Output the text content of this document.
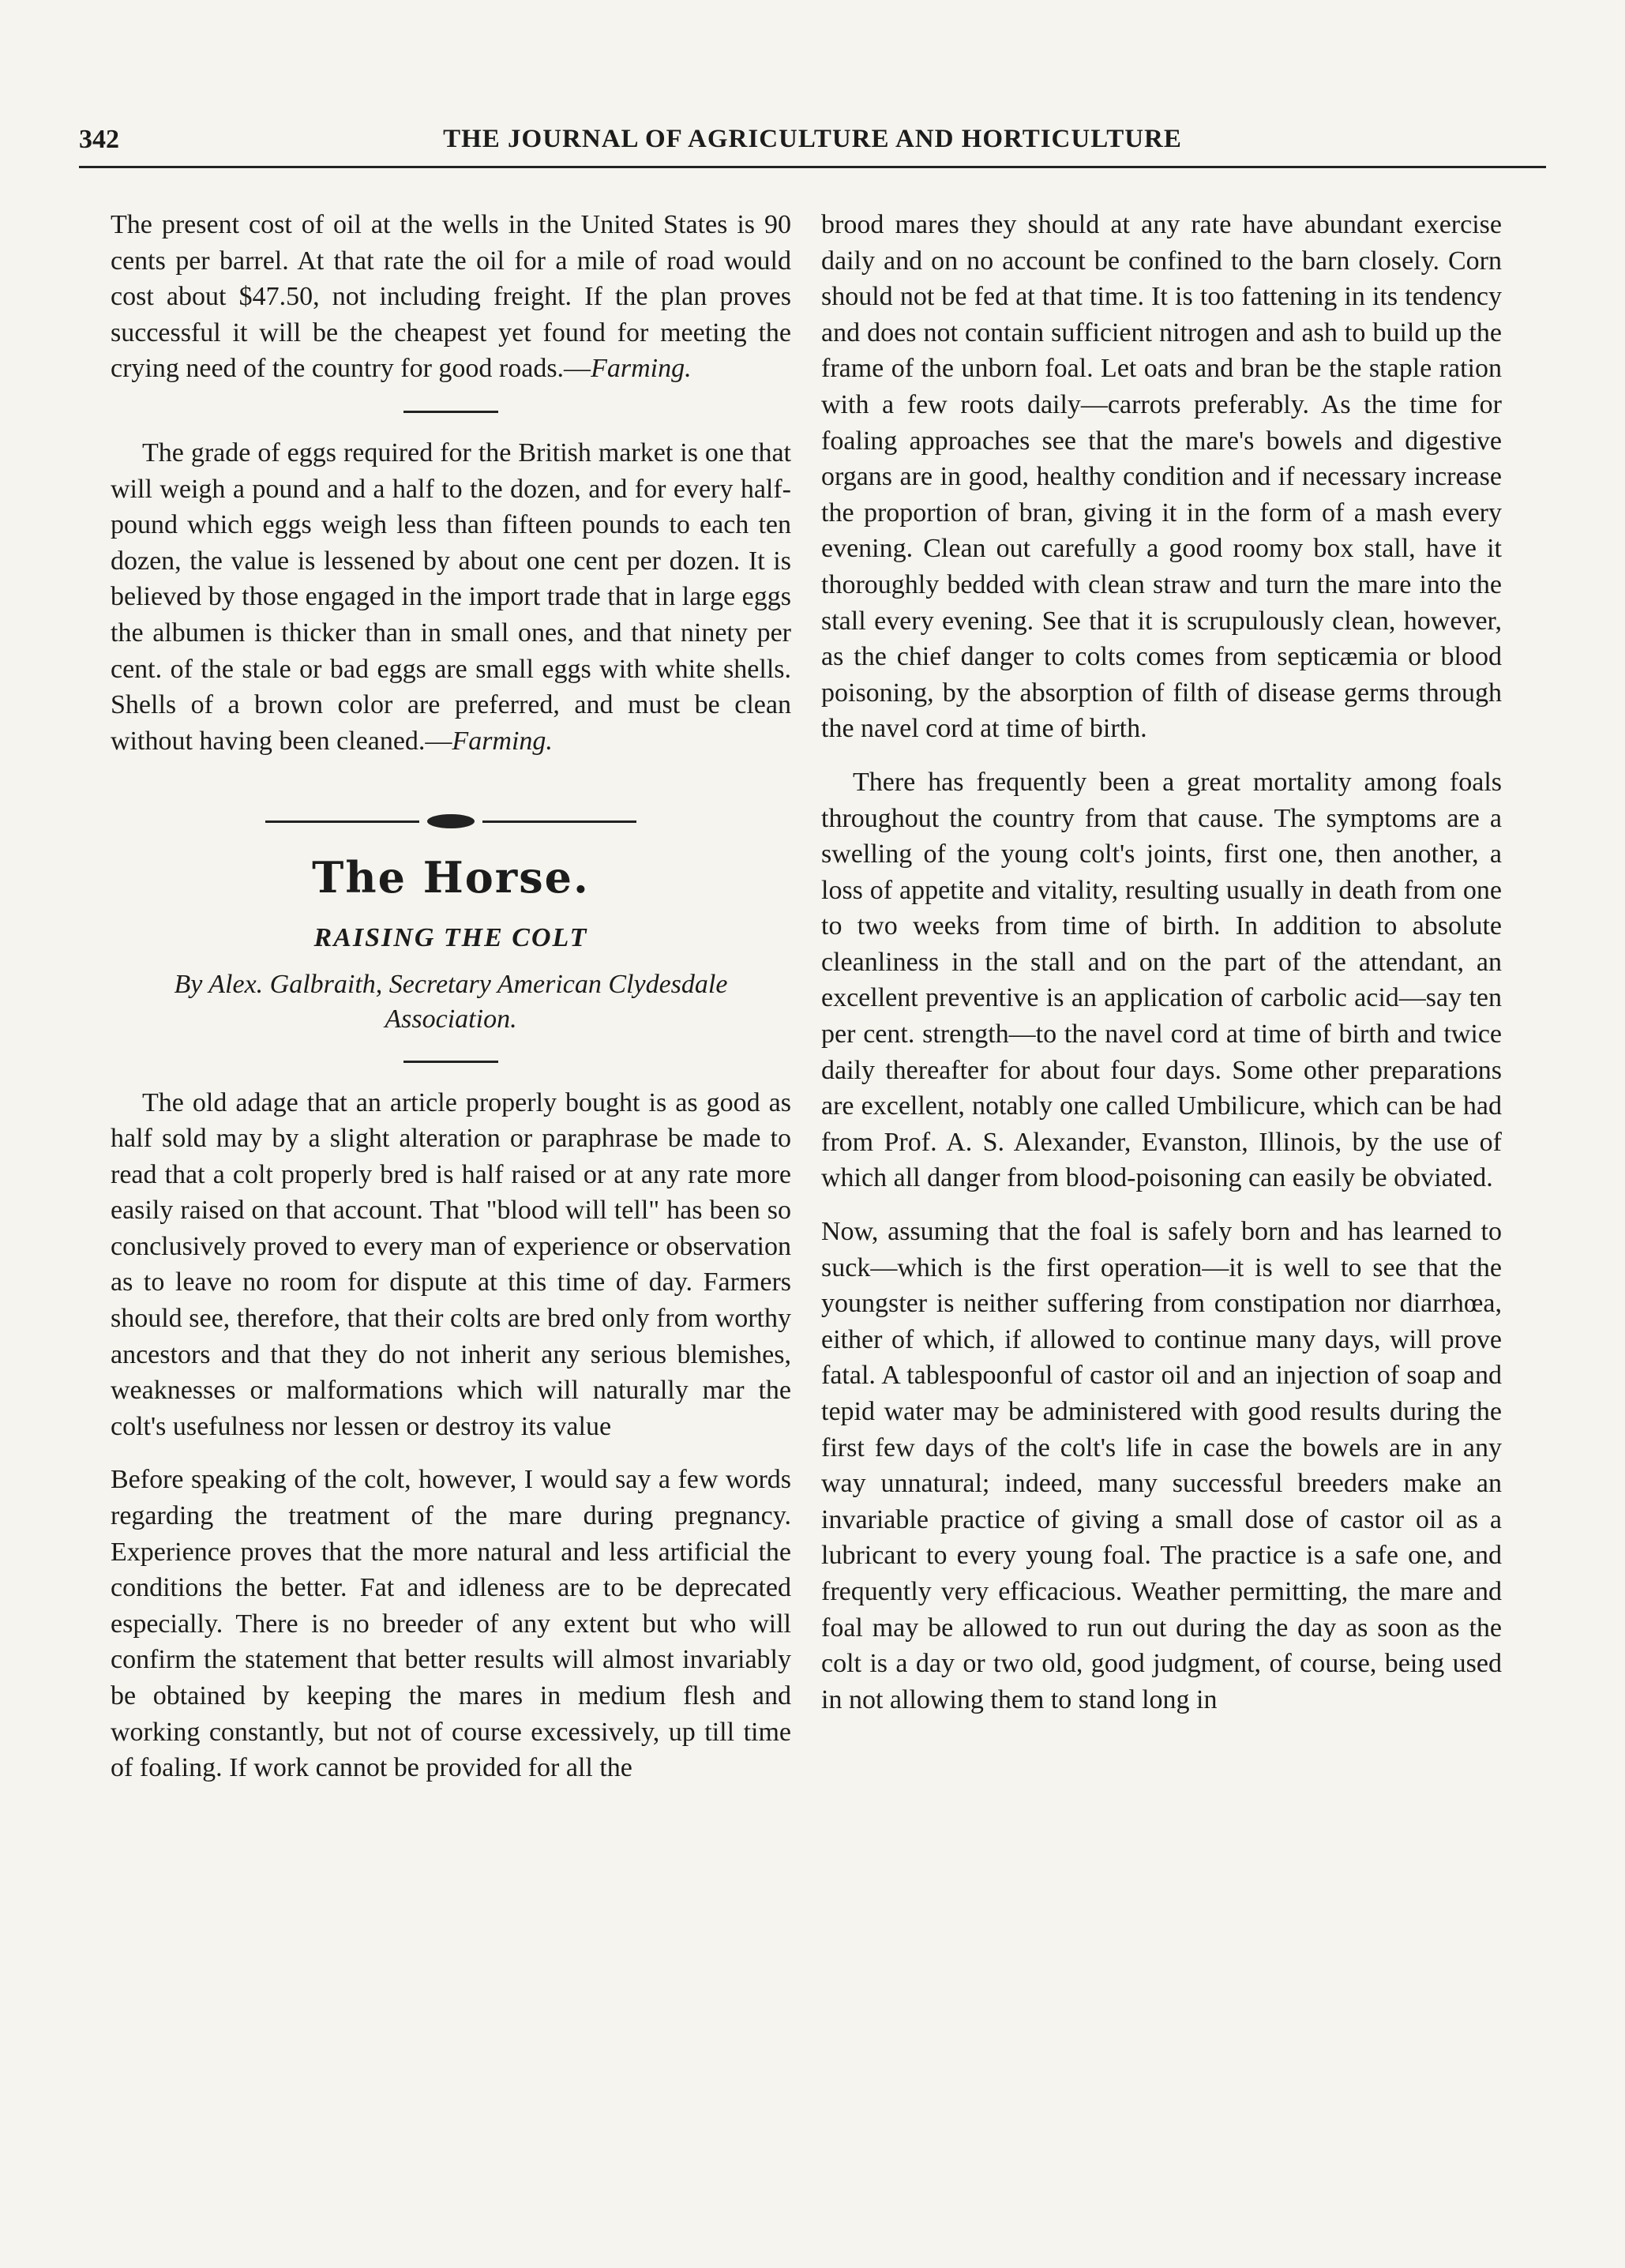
342	THE JOURNAL OF AGRICULTURE AND HORTICULTURE

The present cost of oil at the wells in the United States is 90 cents per barrel. At that rate the oil for a mile of road would cost about $47.50, not including freight. If the plan proves successful it will be the cheapest yet found for meeting the crying need of the country for good roads.—Farming.

The grade of eggs required for the British market is one that will weigh a pound and a half to the dozen, and for every half-pound which eggs weigh less than fifteen pounds to each ten dozen, the value is lessened by about one cent per dozen. It is believed by those engaged in the import trade that in large eggs the albumen is thicker than in small ones, and that ninety per cent. of the stale or bad eggs are small eggs with white shells. Shells of a brown color are preferred, and must be clean without having been cleaned.—Farming.

The Horse.
RAISING THE COLT
By Alex. Galbraith, Secretary American Clydesdale
Association.

The old adage that an article properly bought is as good as half sold may by a slight alteration or paraphrase be made to read that a colt properly bred is half raised or at any rate more easily raised on that account. That "blood will tell" has been so conclusively proved to every man of experience or observation as to leave no room for dispute at this time of day. Farmers should see, therefore, that their colts are bred only from worthy ancestors and that they do not inherit any serious blemishes, weaknesses or malformations which will naturally mar the colt's usefulness nor lessen or destroy its value

Before speaking of the colt, however, I would say a few words regarding the treatment of the mare during pregnancy. Experience proves that the more natural and less artificial the conditions the better. Fat and idleness are to be deprecated especially. There is no breeder of any extent but who will confirm the statement that better results will almost invariably be obtained by keeping the mares in medium flesh and working constantly, but not of course excessively, up till time of foaling. If work cannot be provided for all the

brood mares they should at any rate have abundant exercise daily and on no account be confined to the barn closely. Corn should not be fed at that time. It is too fattening in its tendency and does not contain sufficient nitrogen and ash to build up the frame of the unborn foal. Let oats and bran be the staple ration with a few roots daily—carrots preferably. As the time for foaling approaches see that the mare's bowels and digestive organs are in good, healthy condition and if necessary increase the proportion of bran, giving it in the form of a mash every evening. Clean out carefully a good roomy box stall, have it thoroughly bedded with clean straw and turn the mare into the stall every evening. See that it is scrupulously clean, however, as the chief danger to colts comes from septicæmia or blood poisoning, by the absorption of filth of disease germs through the navel cord at time of birth.

There has frequently been a great mortality among foals throughout the country from that cause. The symptoms are a swelling of the young colt's joints, first one, then another, a loss of appetite and vitality, resulting usually in death from one to two weeks from time of birth. In addition to absolute cleanliness in the stall and on the part of the attendant, an excellent preventive is an application of carbolic acid—say ten per cent. strength—to the navel cord at time of birth and twice daily thereafter for about four days. Some other preparations are excellent, notably one called Umbilicure, which can be had from Prof. A. S. Alexander, Evanston, Illinois, by the use of which all danger from blood-poisoning can easily be obviated.

Now, assuming that the foal is safely born and has learned to suck—which is the first operation—it is well to see that the youngster is neither suffering from constipation nor diarrhœa, either of which, if allowed to continue many days, will prove fatal. A tablespoonful of castor oil and an injection of soap and tepid water may be administered with good results during the first few days of the colt's life in case the bowels are in any way unnatural; indeed, many successful breeders make an invariable practice of giving a small dose of castor oil as a lubricant to every young foal. The practice is a safe one, and frequently very efficacious. Weather permitting, the mare and foal may be allowed to run out during the day as soon as the colt is a day or two old, good judgment, of course, being used in not allowing them to stand long in
